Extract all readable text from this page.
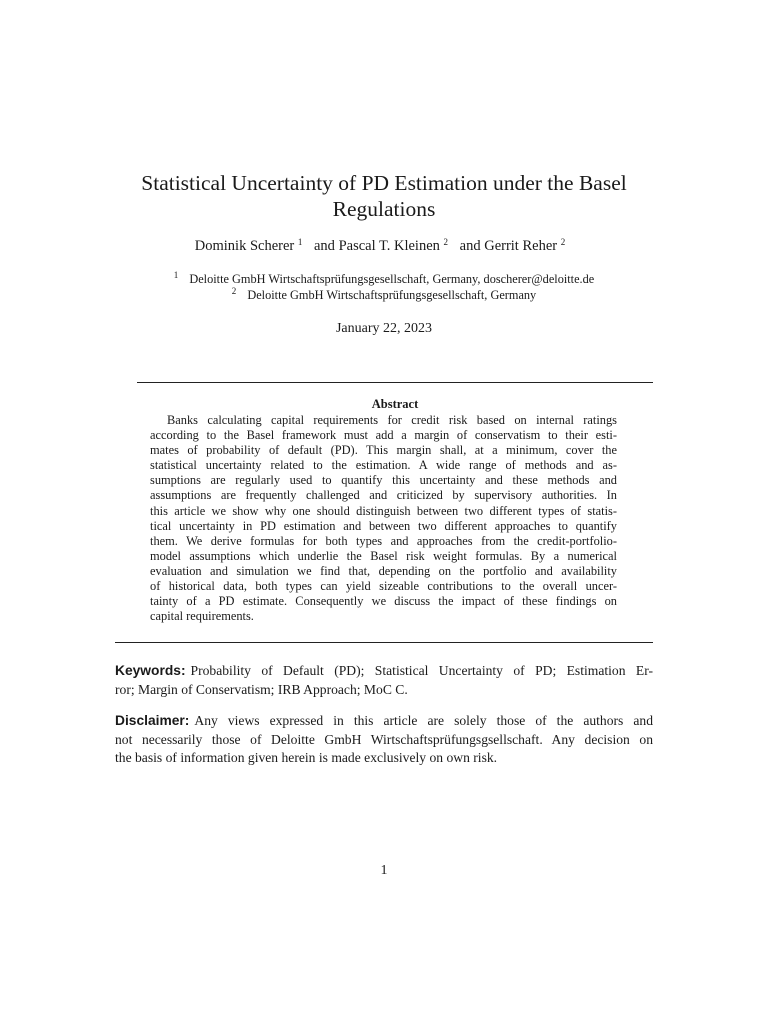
Statistical Uncertainty of PD Estimation under the Basel
Regulations
Dominik Scherer $^1$ and Pascal T. Kleinen $^2$ and Gerrit Reher $^2$
$^1$ Deloitte GmbH Wirtschaftsprüfungsgesellschaft, Germany, doscherer@deloitte.de
$^2$ Deloitte GmbH Wirtschaftsprüfungsgesellschaft, Germany
January 22, 2023
Abstract
Banks calculating capital requirements for credit risk based on internal ratings
according to the Basel framework must add a margin of conservatism to their esti-
mates of probability of default (PD). This margin shall, at a minimum, cover the
statistical uncertainty related to the estimation. A wide range of methods and as-
sumptions are regularly used to quantify this uncertainty and these methods and
assumptions are frequently challenged and criticized by supervisory authorities. In
this article we show why one should distinguish between two different types of statis-
tical uncertainty in PD estimation and between two different approaches to quantify
them. We derive formulas for both types and approaches from the credit-portfolio-
model assumptions which underlie the Basel risk weight formulas. By a numerical
evaluation and simulation we find that, depending on the portfolio and availability
of historical data, both types can yield sizeable contributions to the overall uncer-
tainty of a PD estimate. Consequently we discuss the impact of these findings on
capital requirements.
Keywords: Probability of Default (PD); Statistical Uncertainty of PD; Estimation Er-
ror; Margin of Conservatism; IRB Approach; MoC C.
Disclaimer: Any views expressed in this article are solely those of the authors and
not necessarily those of Deloitte GmbH Wirtschaftsprüfungsgsellschaft. Any decision on
the basis of information given herein is made exclusively on own risk.
1
